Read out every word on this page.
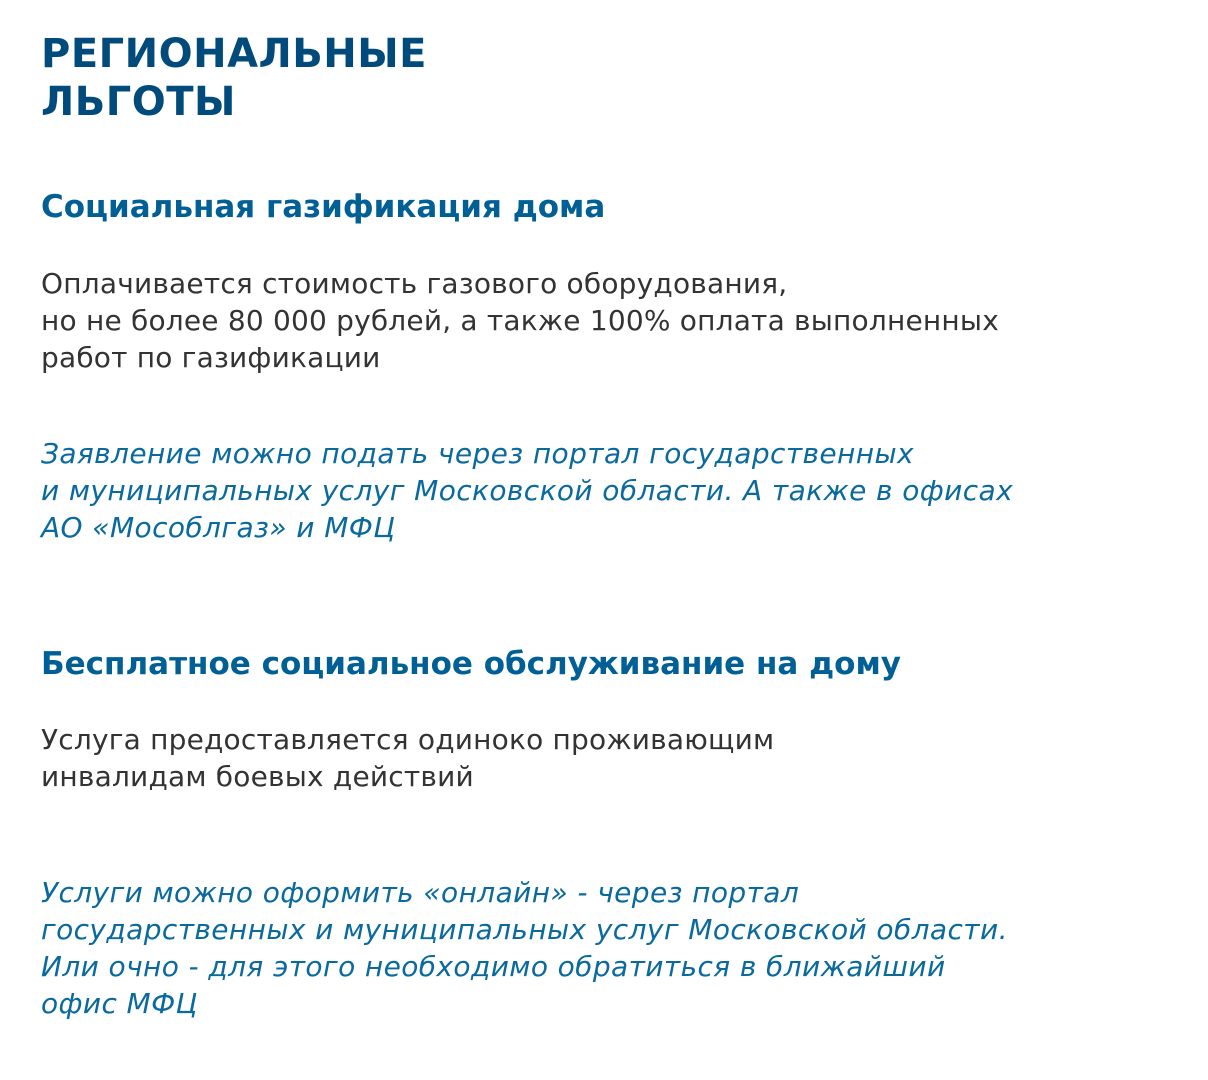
РЕГИОНАЛЬНЫЕ
ЛЬГОТЫ
Социальная газификация дома

Оплачивается стоимость газового оборудования,
но не более 80 000 рублей, а также 100% оплата выполненных
работ по газификации

Заявление можно подать через портал государственных
и муниципальных услуг Московской области. А также в офисах
АО «Мособлгаз» и МФЦ

Бесплатное социальное обслуживание на дому

Услуга предоставляется одиноко проживающим
инвалидам боевых действий

Услуги можно оформить «онлайн» - через портал
государственных и муниципальных услуг Московской области.
Или очно - для этого необходимо обратиться в ближайший
офис МФЦ
